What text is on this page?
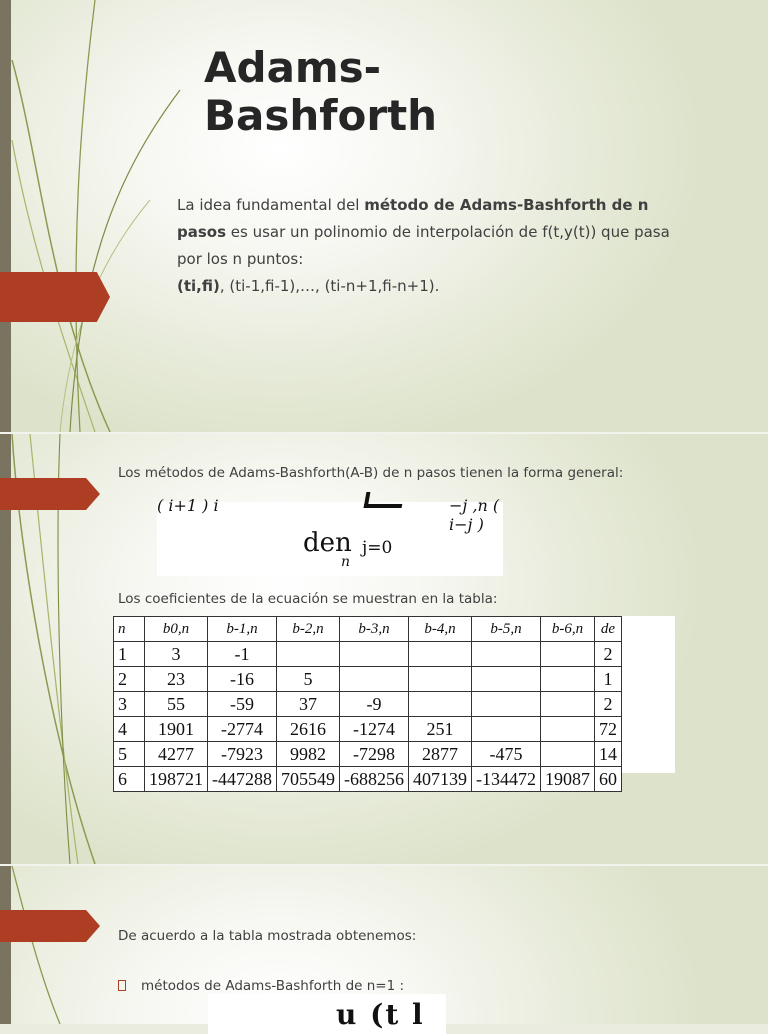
Adams-
Bashforth
La idea fundamental del método de Adams-Bashforth de n pasos es usar un polinomio de interpolación de f(t,y(t)) que pasa por los n puntos:
(ti,fi), (ti-1,fi-1),…, (ti-n+1,fi-n+1).
Los métodos de Adams-Bashforth(A-B) de n pasos tienen la forma general:
( i+1 ) i	−j ,n ( i−j )
den
n
j=0
Los coeficientes de la ecuación se muestran en la tabla:
n	b0,n	b-1,n	b-2,n	b-3,n	b-4,n	b-5,n	b-6,n	de
1	3	-1						2
2	23	-16	5					1
3	55	-59	37	-9				2
4	1901	-2774	2616	-1274	251			72
5	4277	-7923	9982	-7298	2877	-475		14
6	198721	-447288	705549	-688256	407139	-134472	19087	60
De acuerdo a la tabla mostrada obtenemos:
métodos de Adams-Bashforth de n=1 :
u (t l
